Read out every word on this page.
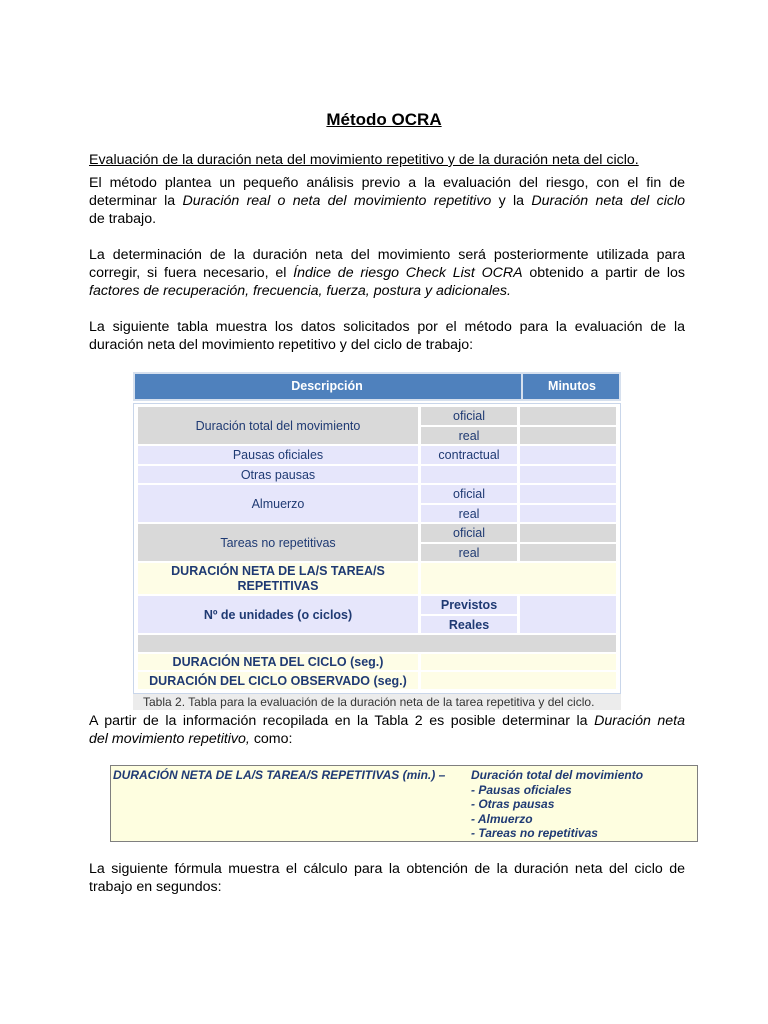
Método OCRA
Evaluación de la duración neta del movimiento repetitivo y de la duración neta del ciclo.
El método plantea un pequeño análisis previo a la evaluación del riesgo, con el fin de
determinar la Duración real o neta del movimiento repetitivo y la Duración neta del ciclo
de trabajo.
La determinación de la duración neta del movimiento será posteriormente utilizada para
corregir, si fuera necesario, el Índice de riesgo Check List OCRA obtenido a partir de los
factores de recuperación, frecuencia, fuerza, postura y adicionales.
La siguiente tabla muestra los datos solicitados por el método para la evaluación de la
duración neta del movimiento repetitivo y del ciclo de trabajo:
Descripción	Minutos
Duración total del movimiento
oficial
real
Pausas oficiales	contractual
Otras pausas
Almuerzo
oficial
real
Tareas no repetitivas
oficial
real
DURACIÓN NETA DE LA/S TAREA/S REPETITIVAS
Nº de unidades (o ciclos)
Previstos
Reales
DURACIÓN NETA DEL CICLO (seg.)
DURACIÓN DEL CICLO OBSERVADO (seg.)
Tabla 2. Tabla para la evaluación de la duración neta de la tarea repetitiva y del ciclo.
A partir de la información recopilada en la Tabla 2 es posible determinar la Duración neta
del movimiento repetitivo, como:
DURACIÓN NETA DE LA/S TAREA/S REPETITIVAS (min.) – Duración total del movimiento
- Pausas oficiales
- Otras pausas
- Almuerzo
- Tareas no repetitivas
La siguiente fórmula muestra el cálculo para la obtención de la duración neta del ciclo de
trabajo en segundos:
